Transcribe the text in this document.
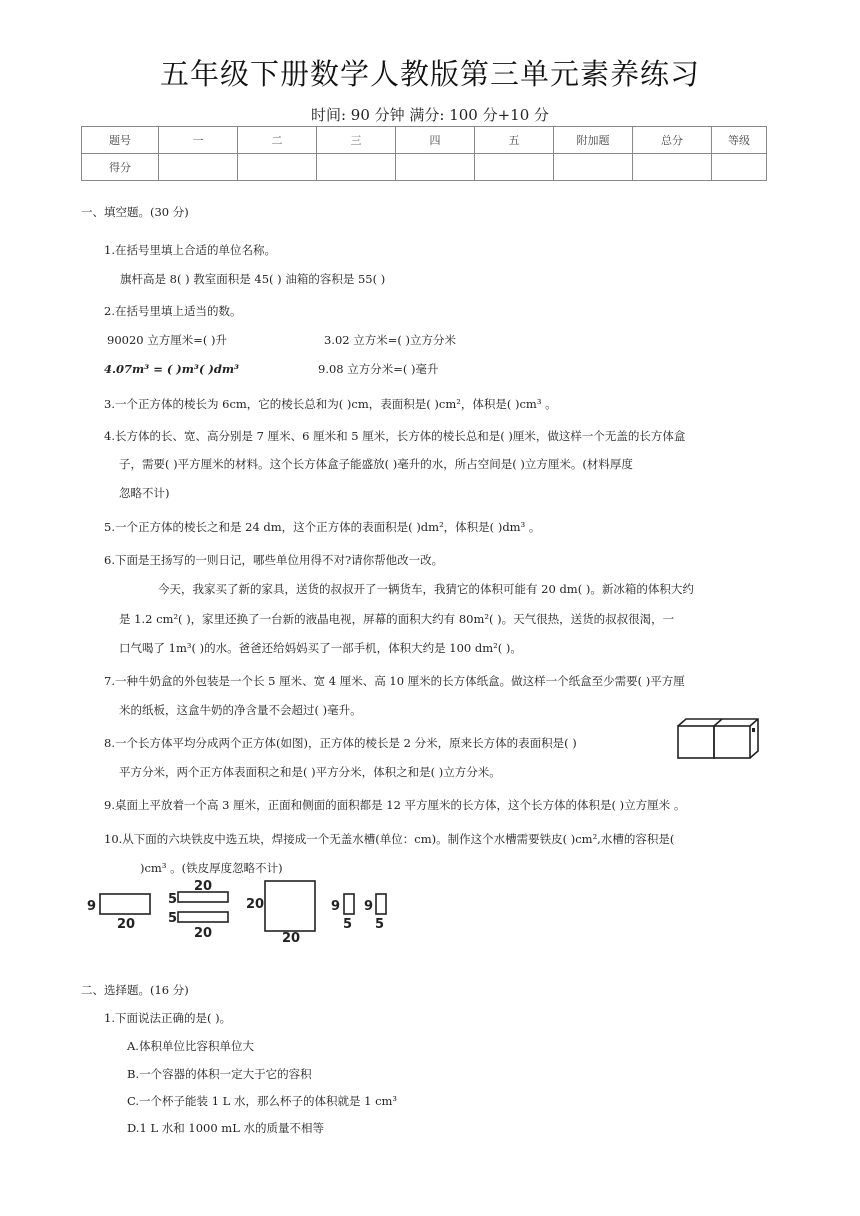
五年级下册数学人教版第三单元素养练习
时间: 90 分钟 满分: 100 分+10 分
题号	一	二	三	四	五	附加题	总分	等级
得分								
一、填空题。(30 分)
1.在括号里填上合适的单位名称。
旗杆高是 8( ) 教室面积是 45( ) 油箱的容积是 55( )
2.在括号里填上适当的数。
90020 立方厘米=( )升	3.02 立方米=( )立方分米
4.07m³ = ( )m³( )dm³	9.08 立方分米=( )毫升
3.一个正方体的棱长为 6cm，它的棱长总和为( )cm，表面积是( )cm²，体积是( )cm³ 。
4.长方体的长、宽、高分别是 7 厘米、6 厘米和 5 厘米，长方体的棱长总和是( )厘米，做这样一个无盖的长方体盒
子，需要( )平方厘米的材料。这个长方体盒子能盛放( )毫升的水，所占空间是( )立方厘米。(材料厚度
忽略不计)
5.一个正方体的棱长之和是 24 dm，这个正方体的表面积是( )dm²，体积是( )dm³ 。
6.下面是王扬写的一则日记，哪些单位用得不对?请你帮他改一改。
今天，我家买了新的家具，送货的叔叔开了一辆货车，我猜它的体积可能有 20 dm( )。新冰箱的体积大约
是 1.2 cm²( )，家里还换了一台新的液晶电视，屏幕的面积大约有 80m²( )。天气很热，送货的叔叔很渴，一
口气喝了 1m³( )的水。爸爸还给妈妈买了一部手机，体积大约是 100 dm²( )。
7.一种牛奶盒的外包装是一个长 5 厘米、宽 4 厘米、高 10 厘米的长方体纸盒。做这样一个纸盒至少需要( )平方厘
米的纸板，这盒牛奶的净含量不会超过( )毫升。
8.一个长方体平均分成两个正方体(如图)，正方体的棱长是 2 分米，原来长方体的表面积是( )
平方分米，两个正方体表面积之和是( )平方分米，体积之和是( )立方分米。
9.桌面上平放着一个高 3 厘米，正面和侧面的面积都是 12 平方厘米的长方体，这个长方体的体积是( )立方厘米 。
10.从下面的六块铁皮中选五块，焊接成一个无盖水槽(单位：cm)。制作这个水槽需要铁皮( )cm²,水槽的容积是(
)cm³ 。(铁皮厚度忽略不计)
9
20
20
5
5
20
20
20
9
5
9
5
二、选择题。(16 分)
1.下面说法正确的是( )。
A.体积单位比容积单位大
B.一个容器的体积一定大于它的容积
C.一个杯子能装 1 L 水，那么杯子的体积就是 1 cm³
D.1 L 水和 1000 mL 水的质量不相等
